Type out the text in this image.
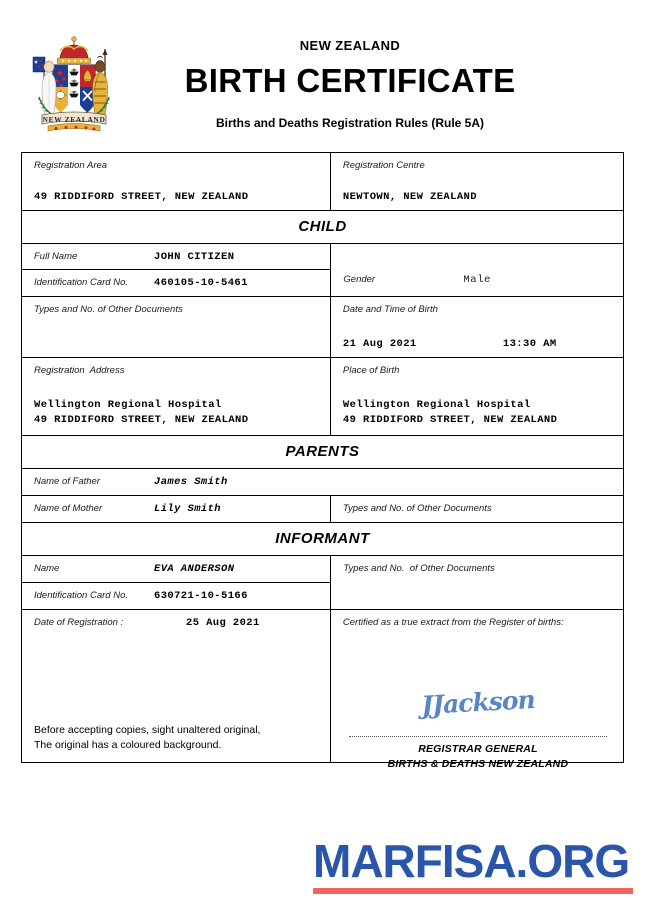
NEW ZEALAND
NEW ZEALAND
BIRTH CERTIFICATE
Births and Deaths Registration Rules (Rule 5A)
Registration Area
49 RIDDIFORD STREET, NEW ZEALAND
Registration Centre
NEWTOWN, NEW ZEALAND
CHILD
Full Name	JOHN CITIZEN
Identification Card No.	460105-10-5461	Gender	Male
Types and No. of Other Documents	Date and Time of Birth
21 Aug 2021	13:30 AM
Registration  Address
Wellington Regional Hospital
49 RIDDIFORD STREET, NEW ZEALAND
Place of Birth
Wellington Regional Hospital
49 RIDDIFORD STREET, NEW ZEALAND
PARENTS
Name of Father	James Smith
Name of Mother	Lily Smith	Types and No. of Other Documents
INFORMANT
Name	EVA ANDERSON
Identification Card No.	630721-10-5166
Types and No.  of Other Documents
Date of Registration :	25 Aug 2021
Before accepting copies, sight unaltered original,
The original has a coloured background.
Certified as a true extract from the Register of births:
JJackson
REGISTRAR GENERAL
BIRTHS & DEATHS NEW ZEALAND
MARFISA.ORG
